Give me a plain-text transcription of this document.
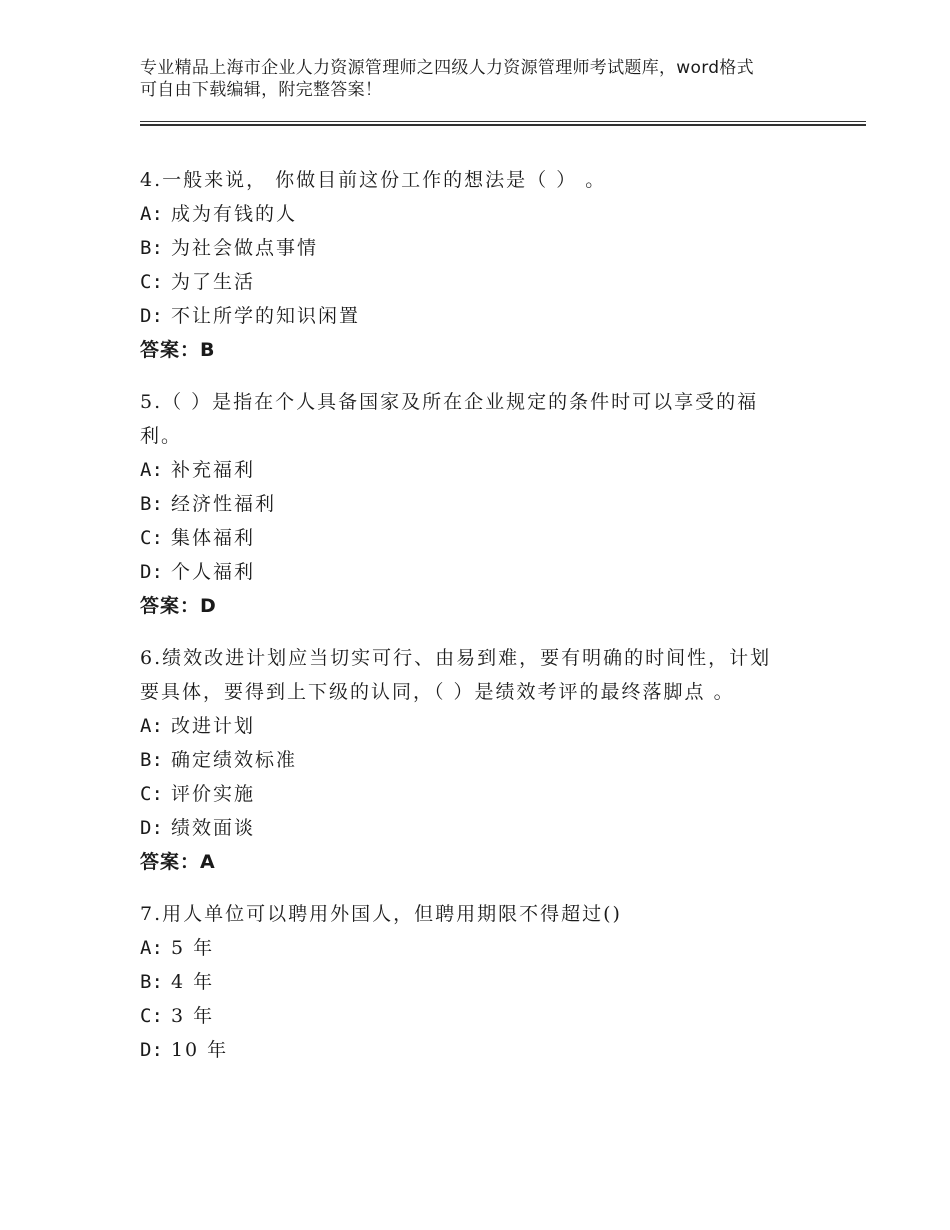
专业精品上海市企业人力资源管理师之四级人力资源管理师考试题库，word格式
可自由下载编辑，附完整答案！
4.一般来说， 你做目前这份工作的想法是（ ） 。
A: 成为有钱的人
B: 为社会做点事情
C: 为了生活
D: 不让所学的知识闲置
答案：B
5.（ ）是指在个人具备国家及所在企业规定的条件时可以享受的福
利。
A: 补充福利
B: 经济性福利
C: 集体福利
D: 个人福利
答案：D
6.绩效改进计划应当切实可行、由易到难，要有明确的时间性，计划
要具体，要得到上下级的认同，（ ）是绩效考评的最终落脚点 。
A: 改进计划
B: 确定绩效标准
C: 评价实施
D: 绩效面谈
答案：A
7.用人单位可以聘用外国人，但聘用期限不得超过()
A: 5 年
B: 4 年
C: 3 年
D: 10 年
